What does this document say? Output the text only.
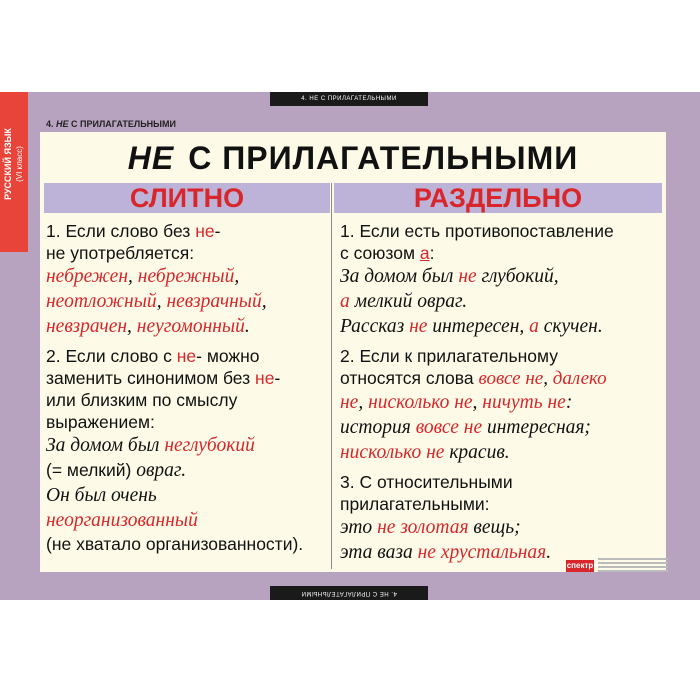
4. НЕ С ПРИЛАГАТЕЛЬНЫМИ
4. НЕ С ПРИЛАГАТЕЛЬНЫМИ
РУССКИЙ ЯЗЫК (VI класс)
4. НЕ С ПРИЛАГАТЕЛЬНЫМИ
НЕ С ПРИЛАГАТЕЛЬНЫМИ
СЛИТНО	РАЗДЕЛЬНО
1. Если слово без не-
не употребляется:
небрежен, небрежный,
неотложный, невзрачный,
невзрачен, неугомонный.
2. Если слово с не- можно
заменить синонимом без не-
или близким по смыслу
выражением:
За домом был неглубокий
(= мелкий) овраг.
Он был очень
неорганизованный
(не хватало организованности).
1. Если есть противопоставление
с союзом а:
За домом был не глубокий,
а мелкий овраг.
Рассказ не интересен, а скучен.
2. Если к прилагательному
относятся слова вовсе не, далеко
не, нисколько не, ничуть не:
история вовсе не интересная;
нисколько не красив.
3. С относительными
прилагательными:
это не золотая вещь;
эта ваза не хрустальная.
спектр
